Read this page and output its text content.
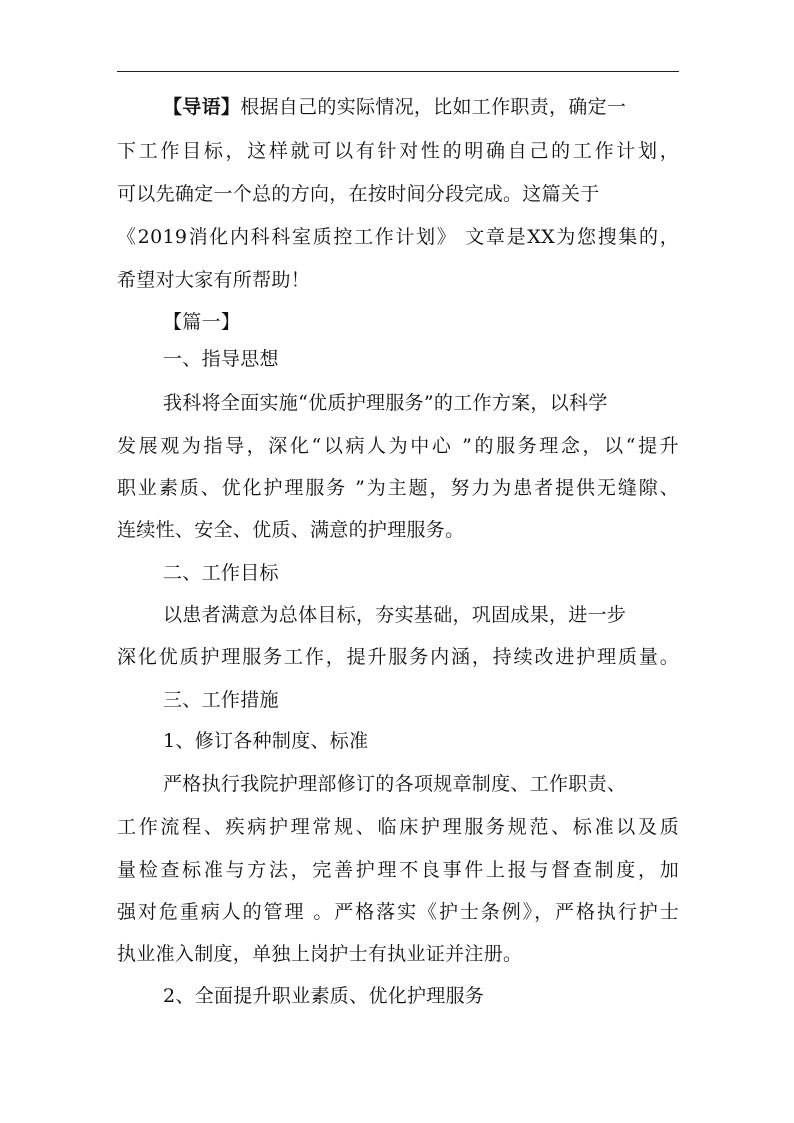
【导语】根据自己的实际情况，比如工作职责，确定一
下工作目标，这样就可以有针对性的明确自己的工作计划，
可以先确定一个总的方向，在按时间分段完成。这篇关于
《2019消化内科科室质控工作计划》 文章是XX为您搜集的，
希望对大家有所帮助！
【篇一】
一、指导思想
我科将全面实施“优质护理服务”的工作方案，以科学
发展观为指导，深化“以病人为中心 ”的服务理念，以“提升
职业素质、优化护理服务 ”为主题，努力为患者提供无缝隙、
连续性、安全、优质、满意的护理服务。
二、工作目标
以患者满意为总体目标，夯实基础，巩固成果，进一步
深化优质护理服务工作，提升服务内涵，持续改进护理质量。
三、工作措施
1、修订各种制度、标准
严格执行我院护理部修订的各项规章制度、工作职责、
工作流程、疾病护理常规、临床护理服务规范、标准以及质
量检查标准与方法，完善护理不良事件上报与督查制度，加
强对危重病人的管理 。严格落实《护士条例》，严格执行护士
执业准入制度，单独上岗护士有执业证并注册。
2、全面提升职业素质、优化护理服务
